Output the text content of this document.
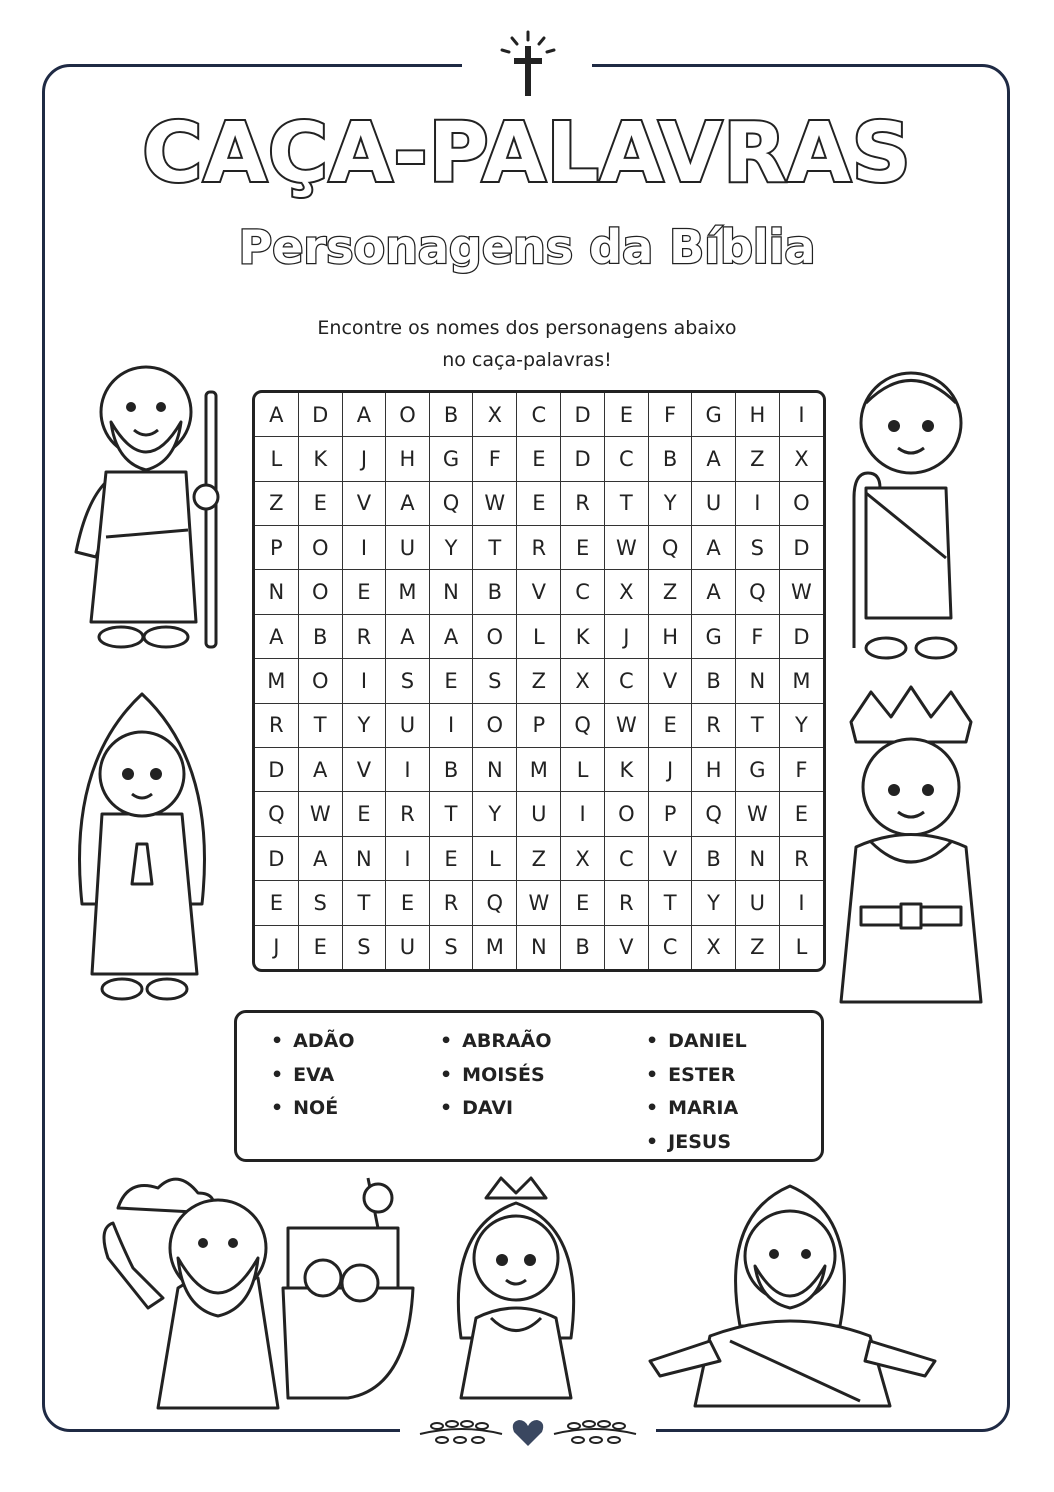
CAÇA-PALAVRAS
Personagens da Bíblia
Encontre os nomes dos personagens abaixo
no caça-palavras!
A	D	A	O	B	X	C	D	E	F	G	H	I
L	K	J	H	G	F	E	D	C	B	A	Z	X
Z	E	V	A	Q	W	E	R	T	Y	U	I	O
P	O	I	U	Y	T	R	E	W	Q	A	S	D
N	O	E	M	N	B	V	C	X	Z	A	Q	W
A	B	R	A	A	O	L	K	J	H	G	F	D
M	O	I	S	E	S	Z	X	C	V	B	N	M
R	T	Y	U	I	O	P	Q	W	E	R	T	Y
D	A	V	I	B	N	M	L	K	J	H	G	F
Q	W	E	R	T	Y	U	I	O	P	Q	W	E
D	A	N	I	E	L	Z	X	C	V	B	N	R
E	S	T	E	R	Q	W	E	R	T	Y	U	I
J	E	S	U	S	M	N	B	V	C	X	Z	L
• ADÃO
• EVA
• NOÉ
• ABRAÃO
• MOISÉS
• DAVI
• DANIEL
• ESTER
• MARIA
• JESUS
